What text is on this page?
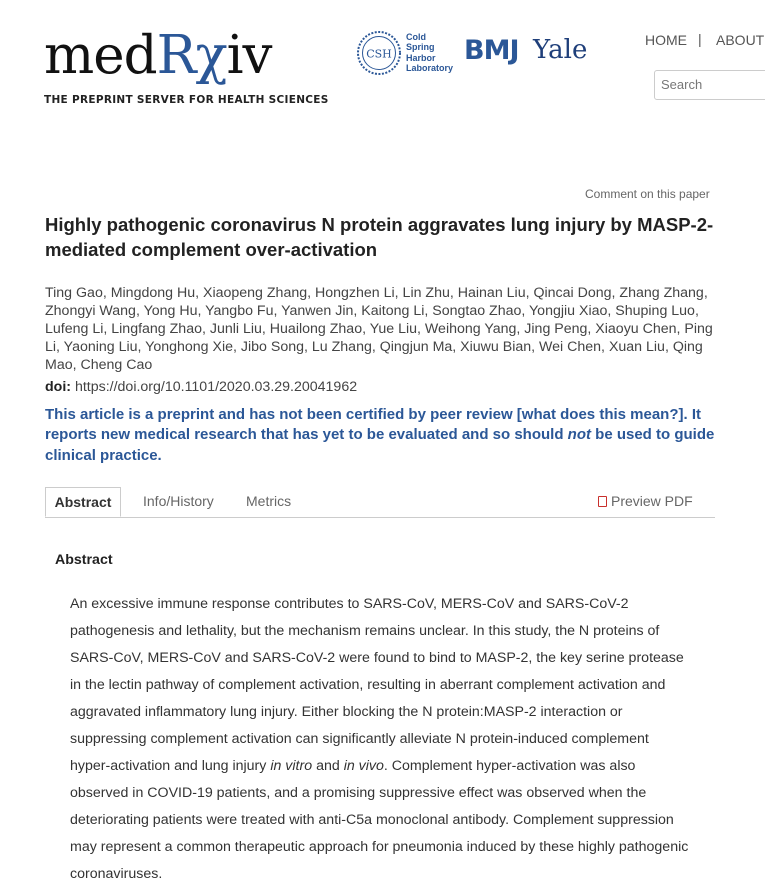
medRχiv
THE PREPRINT SERVER FOR HEALTH SCIENCES
CSH
Cold
Spring
Harbor
Laboratory
BMJ Yale	HOME | ABOUT
Search
Comment on this paper
Highly pathogenic coronavirus N protein aggravates lung injury by MASP-2-mediated complement over-activation
Ting Gao, Mingdong Hu, Xiaopeng Zhang, Hongzhen Li, Lin Zhu, Hainan Liu, Qincai Dong, Zhang Zhang, Zhongyi Wang, Yong Hu, Yangbo Fu, Yanwen Jin, Kaitong Li, Songtao Zhao, Yongjiu Xiao, Shuping Luo, Lufeng Li, Lingfang Zhao, Junli Liu, Huailong Zhao, Yue Liu, Weihong Yang, Jing Peng, Xiaoyu Chen, Ping Li, Yaoning Liu, Yonghong Xie, Jibo Song, Lu Zhang, Qingjun Ma, Xiuwu Bian, Wei Chen, Xuan Liu, Qing Mao, Cheng Cao
doi: https://doi.org/10.1101/2020.03.29.20041962
This article is a preprint and has not been certified by peer review [what does this mean?]. It reports new medical research that has yet to be evaluated and so should not be used to guide clinical practice.
Abstract	Info/History Metrics	Preview PDF
Abstract
An excessive immune response contributes to SARS-CoV, MERS-CoV and SARS-CoV-2 pathogenesis and lethality, but the mechanism remains unclear. In this study, the N proteins of SARS-CoV, MERS-CoV and SARS-CoV-2 were found to bind to MASP-2, the key serine protease in the lectin pathway of complement activation, resulting in aberrant complement activation and aggravated inflammatory lung injury. Either blocking the N protein:MASP-2 interaction or suppressing complement activation can significantly alleviate N protein-induced complement hyper-activation and lung injury in vitro and in vivo. Complement hyper-activation was also observed in COVID-19 patients, and a promising suppressive effect was observed when the deteriorating patients were treated with anti-C5a monoclonal antibody. Complement suppression may represent a common therapeutic approach for pneumonia induced by these highly pathogenic coronaviruses.
